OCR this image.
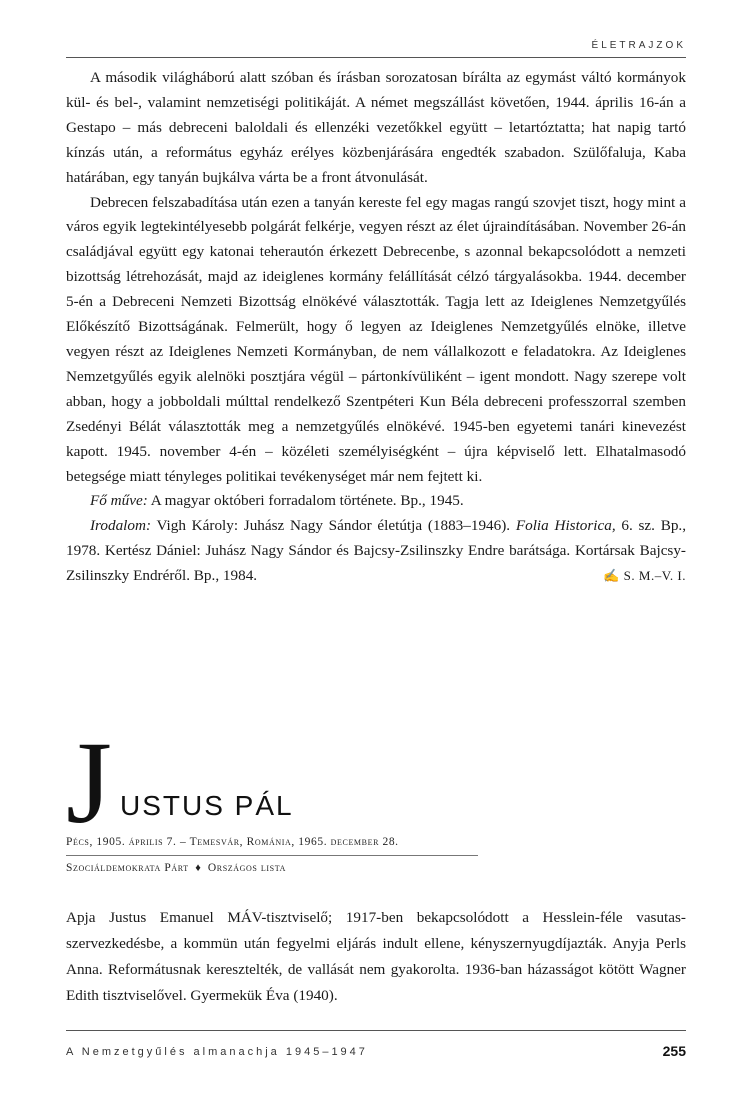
ÉLETRAJZOK

A második világháború alatt szóban és írásban sorozatosan bírálta az egymást váltó kormányok kül- és bel-, valamint nemzetiségi politikáját. A német megszállást követően, 1944. április 16-án a Gestapo – más debreceni baloldali és ellenzéki vezetőkkel együtt – letartóztatta; hat napig tartó kínzás után, a református egyház erélyes közbenjárására engedték szabadon. Szülőfaluja, Kaba határában, egy tanyán bujkálva várta be a front átvonulását.

Debrecen felszabadítása után ezen a tanyán kereste fel egy magas rangú szovjet tiszt, hogy mint a város egyik legtekintélyesebb polgárát felkérje, vegyen részt az élet újraindításában. November 26-án családjával együtt egy katonai teherautón érkezett Debrecenbe, s azonnal bekapcsolódott a nemzeti bizottság létrehozását, majd az ideiglenes kormány felállítását célzó tárgyalásokba. 1944. december 5-én a Debreceni Nemzeti Bizottság elnökévé választották. Tagja lett az Ideiglenes Nemzetgyűlés Előkészítő Bizottságának. Felmerült, hogy ő legyen az Ideiglenes Nemzetgyűlés elnöke, illetve vegyen részt az Ideiglenes Nemzeti Kormányban, de nem vállalkozott e feladatokra. Az Ideiglenes Nemzetgyűlés egyik alelnöki posztjára végül – pártonkívüliként – igent mondott. Nagy szerepe volt abban, hogy a jobboldali múlttal rendelkező Szentpéteri Kun Béla debreceni professzorral szemben Zsedényi Bélát választották meg a nemzetgyűlés elnökévé. 1945-ben egyetemi tanári kinevezést kapott. 1945. november 4-én – közéleti személyiségként – újra képviselő lett. Elhatalmasodó betegsége miatt tényleges politikai tevékenységet már nem fejtett ki.

Fő műve: A magyar októberi forradalom története. Bp., 1945.

Irodalom: Vigh Károly: Juhász Nagy Sándor életútja (1883–1946). Folia Historica, 6. sz. Bp., 1978. Kertész Dániel: Juhász Nagy Sándor és Bajcsy-Zsilinszky Endre barátsága. Kortársak Bajcsy-Zsilinszky Endréről. Bp., 1984.	✍ S. M.–V. I.

J USTUS PÁL
Pécs, 1905. április 7. – Temesvár, Románia, 1965. december 28.
Szociáldemokrata Párt ♦ Országos lista

Apja Justus Emanuel MÁV-tisztviselő; 1917-ben bekapcsolódott a Hesslein-féle vasutas-szervezkedésbe, a kommün után fegyelmi eljárás indult ellene, kényszernyugdíjazták. Anyja Perls Anna. Reformátusnak keresztelték, de vallását nem gyakorolta. 1936-ban házasságot kötött Wagner Edith tisztviselővel. Gyermekük Éva (1940).

A Nemzetgyűlés almanachja 1945–1947	255
